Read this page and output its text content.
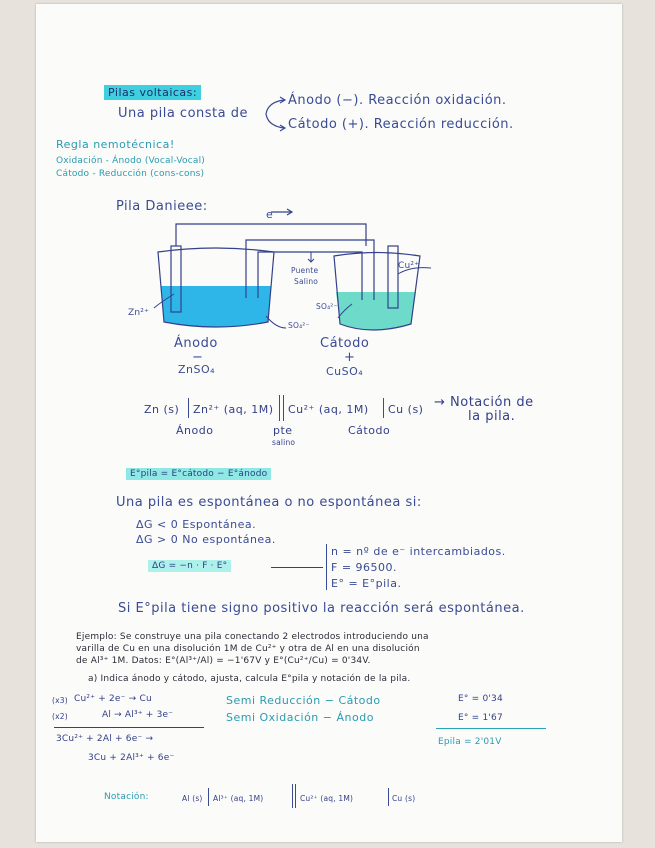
Pilas voltaicas:
Una pila consta de
Ánodo (−). Reacción oxidación.
Cátodo (+). Reacción reducción.
Regla nemotécnica!
Oxidación - Ánodo (Vocal-Vocal)
Cátodo - Reducción (cons-cons)
Pila Danieee:
e⁻
Puente
Salino
Cu²⁺
Zn²⁺
SO₄²⁻
SO₄²⁻
Ánodo
−
ZnSO₄
Cátodo
+
CuSO₄
Zn (s) Zn²⁺ (aq, 1M) Cu²⁺ (aq, 1M) Cu (s) → Notación de
la pila.
Ánodo	pte
salino
Cátodo
E°pila = E°cátodo − E°ánodo
Una pila es espontánea o no espontánea si:
ΔG < 0 Espontánea.
ΔG > 0 No espontánea.
ΔG = −n · F · E°
n = nº de e⁻ intercambiados.
F = 96500.
E° = E°pila.
Si E°pila tiene signo positivo la reacción será espontánea.
Ejemplo: Se construye una pila conectando 2 electrodos introduciendo una
varilla de Cu en una disolución 1M de Cu²⁺ y otra de Al en una disolución
de Al³⁺ 1M. Datos: E°(Al³⁺/Al) = −1'67V y E°(Cu²⁺/Cu) = 0'34V.
a) Indica ánodo y cátodo, ajusta, calcula E°pila y notación de la pila.
(x3) Cu²⁺ + 2e⁻ → Cu
(x2)	Al → Al³⁺ + 3e⁻
Semi Reducción − Cátodo
Semi Oxidación − Ánodo
E° = 0'34
E° = 1'67
3Cu²⁺ + 2Al + 6e⁻ →
3Cu + 2Al³⁺ + 6e⁻
Epila = 2'01V
Notación:	Al (s) Al³⁺ (aq, 1M)	Cu²⁺ (aq, 1M)	Cu (s)
